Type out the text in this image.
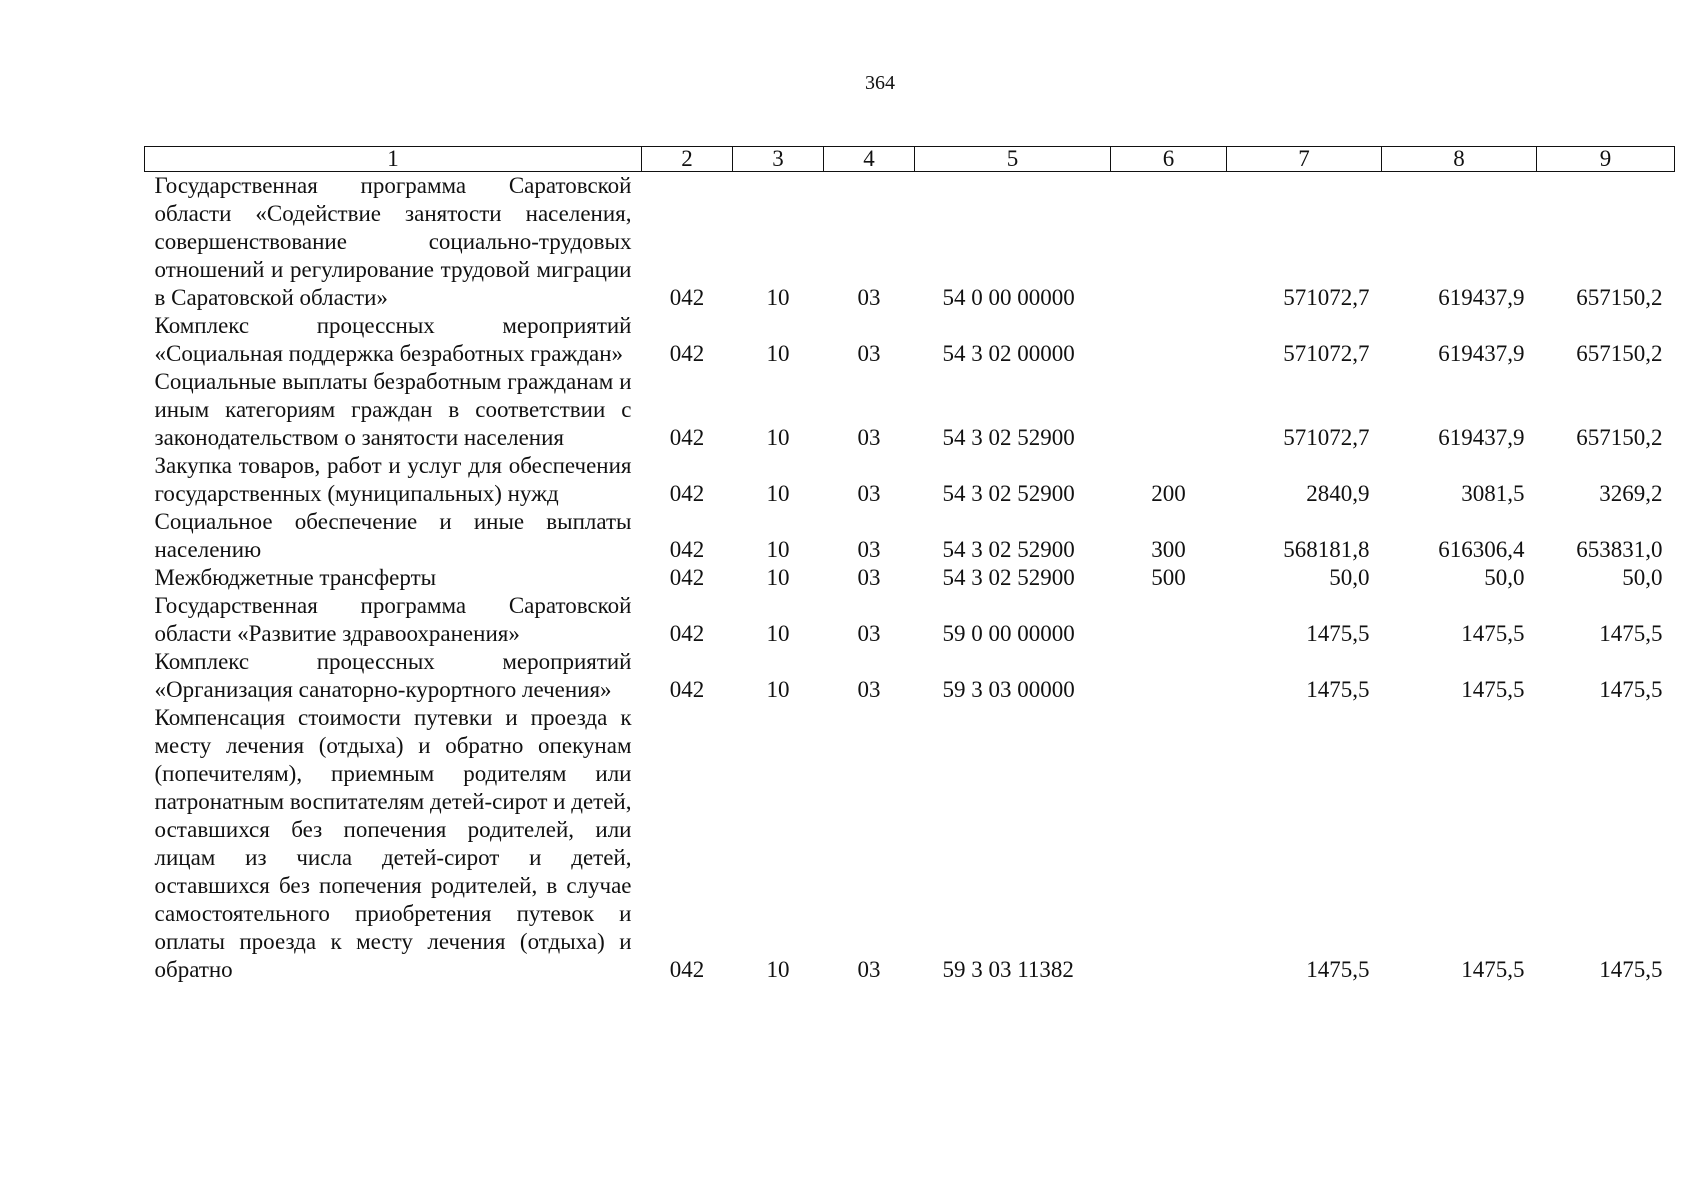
364
1	2	3	4	5	6	7	8	9
Государственная программа Саратовской области «Содействие занятости населения, совершенствование социально-трудовых отношений и регулирование трудовой миграции в Саратовской области»	042	10	03	54 0 00 00000		571072,7	619437,9	657150,2
Комплекс процессных мероприятий «Социальная поддержка безработных граждан»	042	10	03	54 3 02 00000		571072,7	619437,9	657150,2
Социальные выплаты безработным гражданам и иным категориям граждан в соответствии с законодательством о занятости населения	042	10	03	54 3 02 52900		571072,7	619437,9	657150,2
Закупка товаров, работ и услуг для обеспечения государственных (муниципальных) нужд	042	10	03	54 3 02 52900	200	2840,9	3081,5	3269,2
Социальное обеспечение и иные выплаты населению	042	10	03	54 3 02 52900	300	568181,8	616306,4	653831,0
Межбюджетные трансферты	042	10	03	54 3 02 52900	500	50,0	50,0	50,0
Государственная программа Саратовской области «Развитие здравоохранения»	042	10	03	59 0 00 00000		1475,5	1475,5	1475,5
Комплекс процессных мероприятий «Организация санаторно-курортного лечения»	042	10	03	59 3 03 00000		1475,5	1475,5	1475,5
Компенсация стоимости путевки и проезда к месту лечения (отдыха) и обратно опекунам (попечителям), приемным родителям или патронатным воспитателям детей-сирот и детей, оставшихся без попечения родителей, или лицам из числа детей-сирот и детей, оставшихся без попечения родителей, в случае самостоятельного приобретения путевок и оплаты проезда к месту лечения (отдыха) и обратно	042	10	03	59 3 03 11382		1475,5	1475,5	1475,5
